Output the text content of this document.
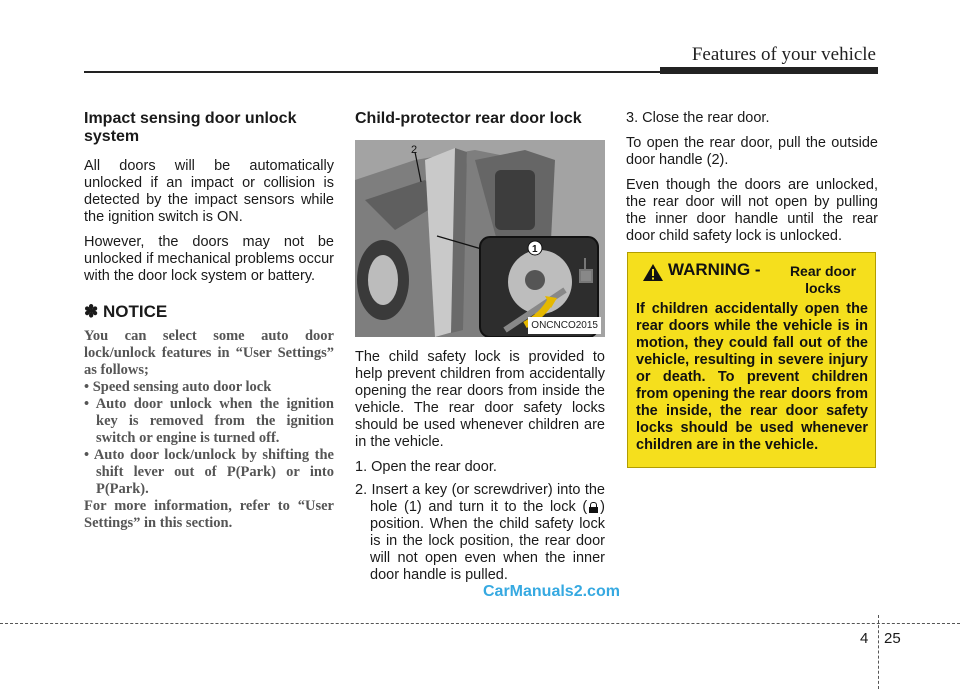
Features of your vehicle
Impact sensing door unlock system

All doors will be automatically unlocked if an impact or collision is detected by the impact sensors while the ignition switch is ON.

However, the doors may not be unlocked if mechanical problems occur with the door lock system or battery.

✽ NOTICE

You can select some auto door lock/unlock features in “User Settings” as follows;

• Speed sensing auto door lock
• Auto door unlock when the ignition key is removed from the ignition switch or engine is turned off.
• Auto door lock/unlock by shifting the shift lever out of P(Park) or into P(Park).

For more information, refer to “User Settings” in this section.

Child-protector rear door lock
1
2
ONCNCO2015

The child safety lock is provided to help prevent children from accidentally opening the rear doors from inside the vehicle. The rear door safety locks should be used whenever children are in the vehicle.

1. Open the rear door.
2. Insert a key (or screwdriver) into the hole (1) and turn it to the lock ( ) position. When the child safety lock is in the lock position, the rear door will not open even when the inner door handle is pulled.

3. Close the rear door.

To open the rear door, pull the outside door handle (2).

Even though the doors are unlocked, the rear door will not open by pulling the inner door handle until the rear door child safety lock is unlocked.

WARNING -	Rear door locks
If children accidentally open the rear doors while the vehicle is in motion, they could fall out of the vehicle, resulting in severe injury or death. To prevent children from opening the rear doors from the inside, the rear door safety locks should be used whenever children are in the vehicle.
CarManuals2.com
4 25
